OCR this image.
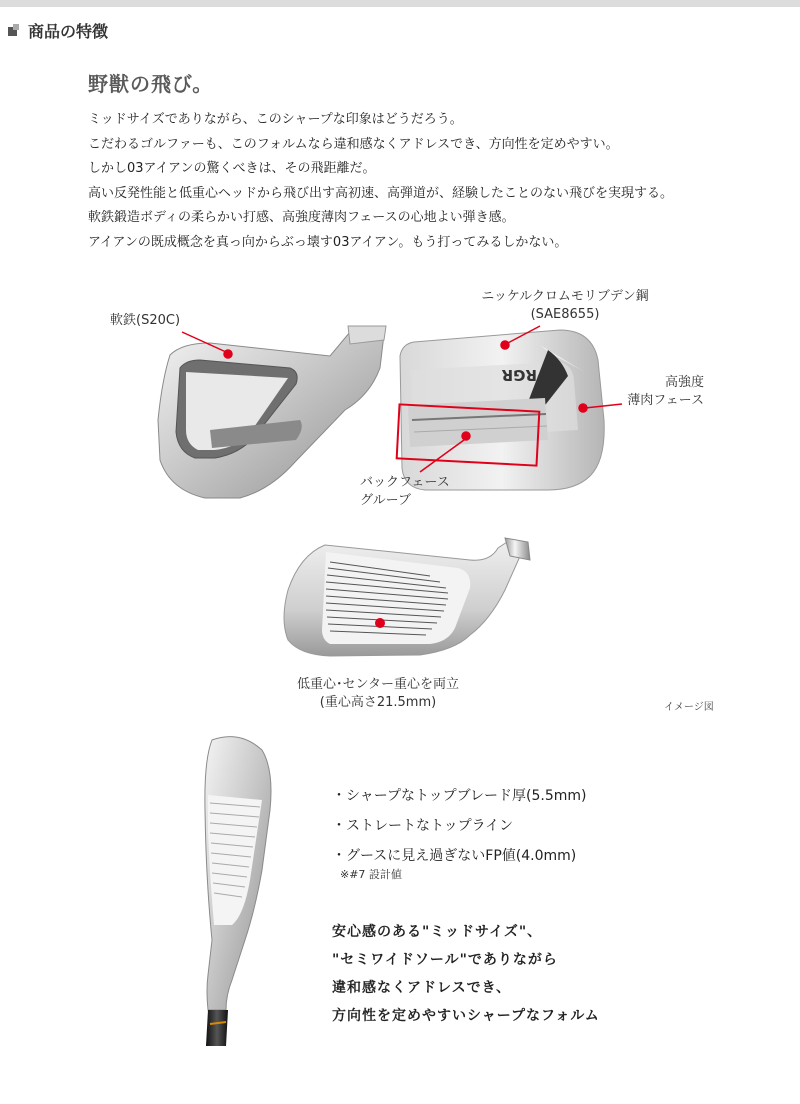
商品の特徴
野獣の飛び。

ミッドサイズでありながら、このシャープな印象はどうだろう。

こだわるゴルファーも、このフォルムなら違和感なくアドレスでき、方向性を定めやすい。

しかし03アイアンの驚くべきは、その飛距離だ。

高い反発性能と低重心ヘッドから飛び出す高初速、高弾道が、経験したことのない飛びを実現する。

軟鉄鍛造ボディの柔らかい打感、高強度薄肉フェースの心地よい弾き感。

アイアンの既成概念を真っ向からぶっ壊す03アイアン。もう打ってみるしかない。

PRGR
軟鉄(S20C)
ニッケルクロムモリブデン鋼
(SAE8655)
高強度
薄肉フェース
バックフェース
グルーブ
低重心･センター重心を両立
(重心高さ21.5mm)	イメージ図
・シャープなトップブレード厚(5.5mm)
・ストレートなトップライン
・グースに見え過ぎないFP値(4.0mm)
※#7 設計値

安心感のある"ミッドサイズ"、

"セミワイドソール"でありながら

違和感なくアドレスでき、

方向性を定めやすいシャープなフォルム
